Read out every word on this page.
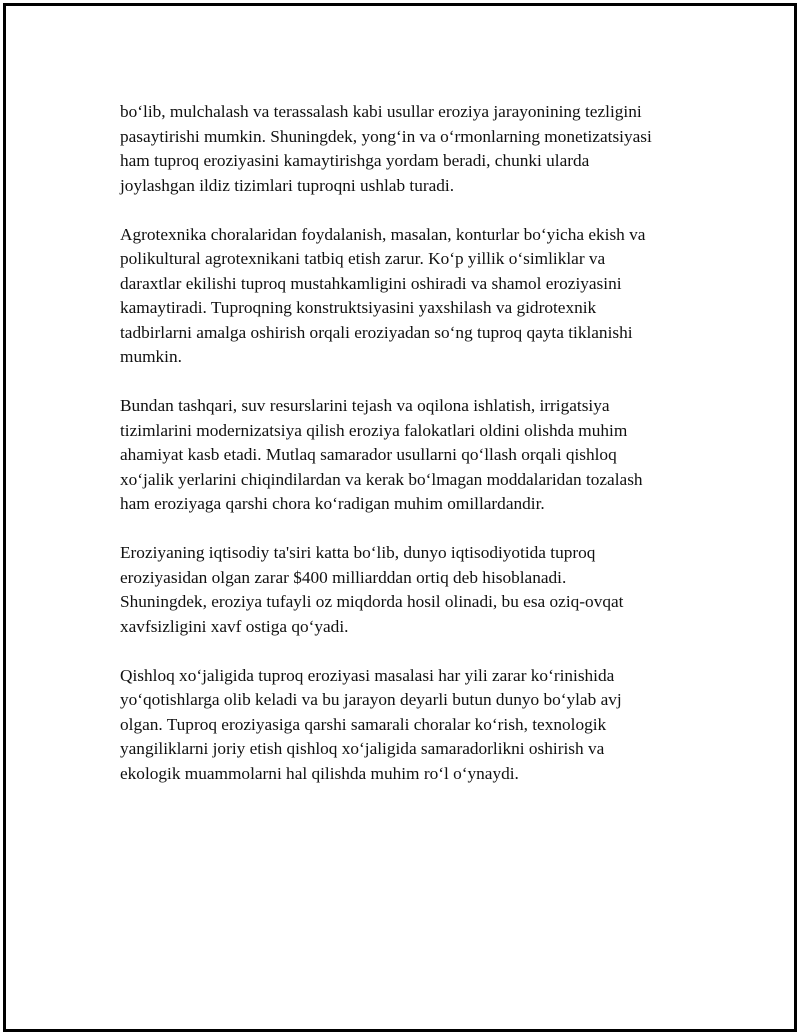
bo‘lib, mulchalash va terassalash kabi usullar eroziya jarayonining tezligini
pasaytirishi mumkin. Shuningdek, yong‘in va o‘rmonlarning monetizatsiyasi
ham tuproq eroziyasini kamaytirishga yordam beradi, chunki ularda
joylashgan ildiz tizimlari tuproqni ushlab turadi.

Agrotexnika choralaridan foydalanish, masalan, konturlar bo‘yicha ekish va
polikultural agrotexnikani tatbiq etish zarur. Ko‘p yillik o‘simliklar va
daraxtlar ekilishi tuproq mustahkamligini oshiradi va shamol eroziyasini
kamaytiradi. Tuproqning konstruktsiyasini yaxshilash va gidrotexnik
tadbirlarni amalga oshirish orqali eroziyadan so‘ng tuproq qayta tiklanishi
mumkin.

Bundan tashqari, suv resurslarini tejash va oqilona ishlatish, irrigatsiya
tizimlarini modernizatsiya qilish eroziya falokatlari oldini olishda muhim
ahamiyat kasb etadi. Mutlaq samarador usullarni qo‘llash orqali qishloq
xo‘jalik yerlarini chiqindilardan va kerak bo‘lmagan moddalaridan tozalash
ham eroziyaga qarshi chora ko‘radigan muhim omillardandir.

Eroziyaning iqtisodiy ta'siri katta bo‘lib, dunyo iqtisodiyotida tuproq
eroziyasidan olgan zarar $400 milliarddan ortiq deb hisoblanadi.
Shuningdek, eroziya tufayli oz miqdorda hosil olinadi, bu esa oziq-ovqat
xavfsizligini xavf ostiga qo‘yadi.

Qishloq xo‘jaligida tuproq eroziyasi masalasi har yili zarar ko‘rinishida
yo‘qotishlarga olib keladi va bu jarayon deyarli butun dunyo bo‘ylab avj
olgan. Tuproq eroziyasiga qarshi samarali choralar ko‘rish, texnologik
yangiliklarni joriy etish qishloq xo‘jaligida samaradorlikni oshirish va
ekologik muammolarni hal qilishda muhim ro‘l o‘ynaydi.
